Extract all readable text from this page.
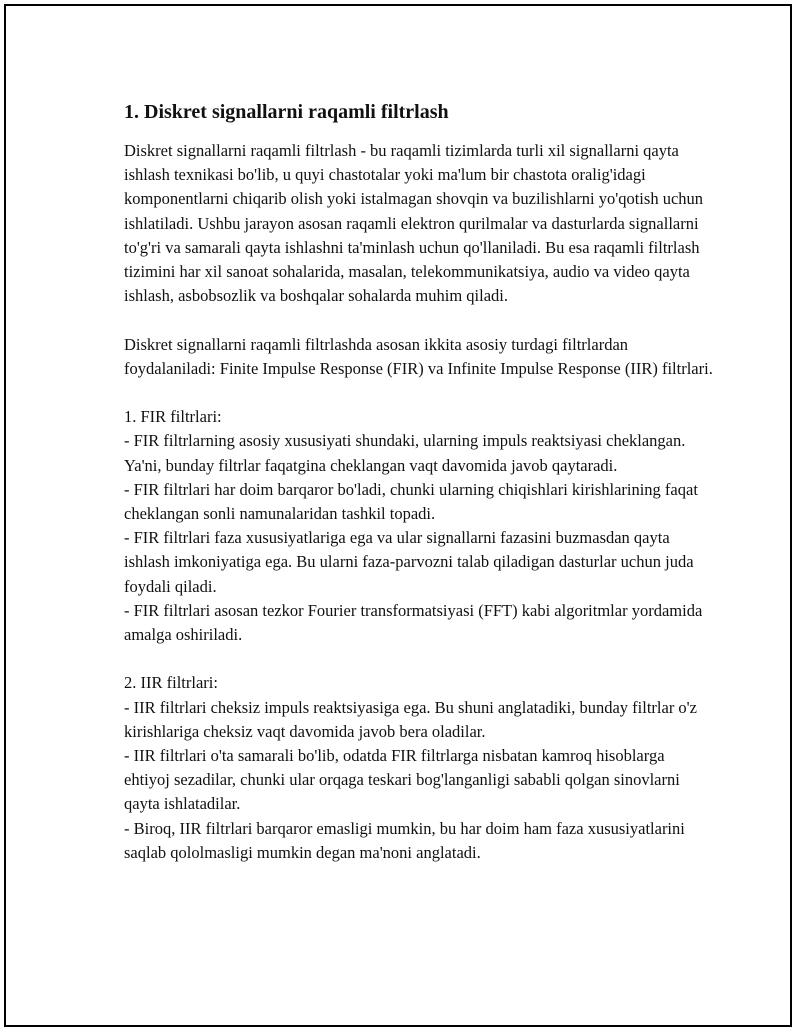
1. Diskret signallarni raqamli filtrlash

Diskret signallarni raqamli filtrlash - bu raqamli tizimlarda turli xil signallarni qayta ishlash texnikasi bo'lib, u quyi chastotalar yoki ma'lum bir chastota oralig'idagi komponentlarni chiqarib olish yoki istalmagan shovqin va buzilishlarni yo'qotish uchun ishlatiladi. Ushbu jarayon asosan raqamli elektron qurilmalar va dasturlarda signallarni to'g'ri va samarali qayta ishlashni ta'minlash uchun qo'llaniladi. Bu esa raqamli filtrlash tizimini har xil sanoat sohalarida, masalan, telekommunikatsiya, audio va video qayta ishlash, asbobsozlik va boshqalar sohalarda muhim qiladi.

Diskret signallarni raqamli filtrlashda asosan ikkita asosiy turdagi filtrlardan foydalaniladi: Finite Impulse Response (FIR) va Infinite Impulse Response (IIR) filtrlari.

1. FIR filtrlari:

- FIR filtrlarning asosiy xususiyati shundaki, ularning impuls reaktsiyasi cheklangan. Ya'ni, bunday filtrlar faqatgina cheklangan vaqt davomida javob qaytaradi.

- FIR filtrlari har doim barqaror bo'ladi, chunki ularning chiqishlari kirishlarining faqat cheklangan sonli namunalaridan tashkil topadi.

- FIR filtrlari faza xususiyatlariga ega va ular signallarni fazasini buzmasdan qayta ishlash imkoniyatiga ega. Bu ularni faza-parvozni talab qiladigan dasturlar uchun juda foydali qiladi.

- FIR filtrlari asosan tezkor Fourier transformatsiyasi (FFT) kabi algoritmlar yordamida amalga oshiriladi.

2. IIR filtrlari:

- IIR filtrlari cheksiz impuls reaktsiyasiga ega. Bu shuni anglatadiki, bunday filtrlar o'z kirishlariga cheksiz vaqt davomida javob bera oladilar.

- IIR filtrlari o'ta samarali bo'lib, odatda FIR filtrlarga nisbatan kamroq hisoblarga ehtiyoj sezadilar, chunki ular orqaga teskari bog'langanligi sababli qolgan sinovlarni qayta ishlatadilar.

- Biroq, IIR filtrlari barqaror emasligi mumkin, bu har doim ham faza xususiyatlarini saqlab qololmasligi mumkin degan ma'noni anglatadi.
